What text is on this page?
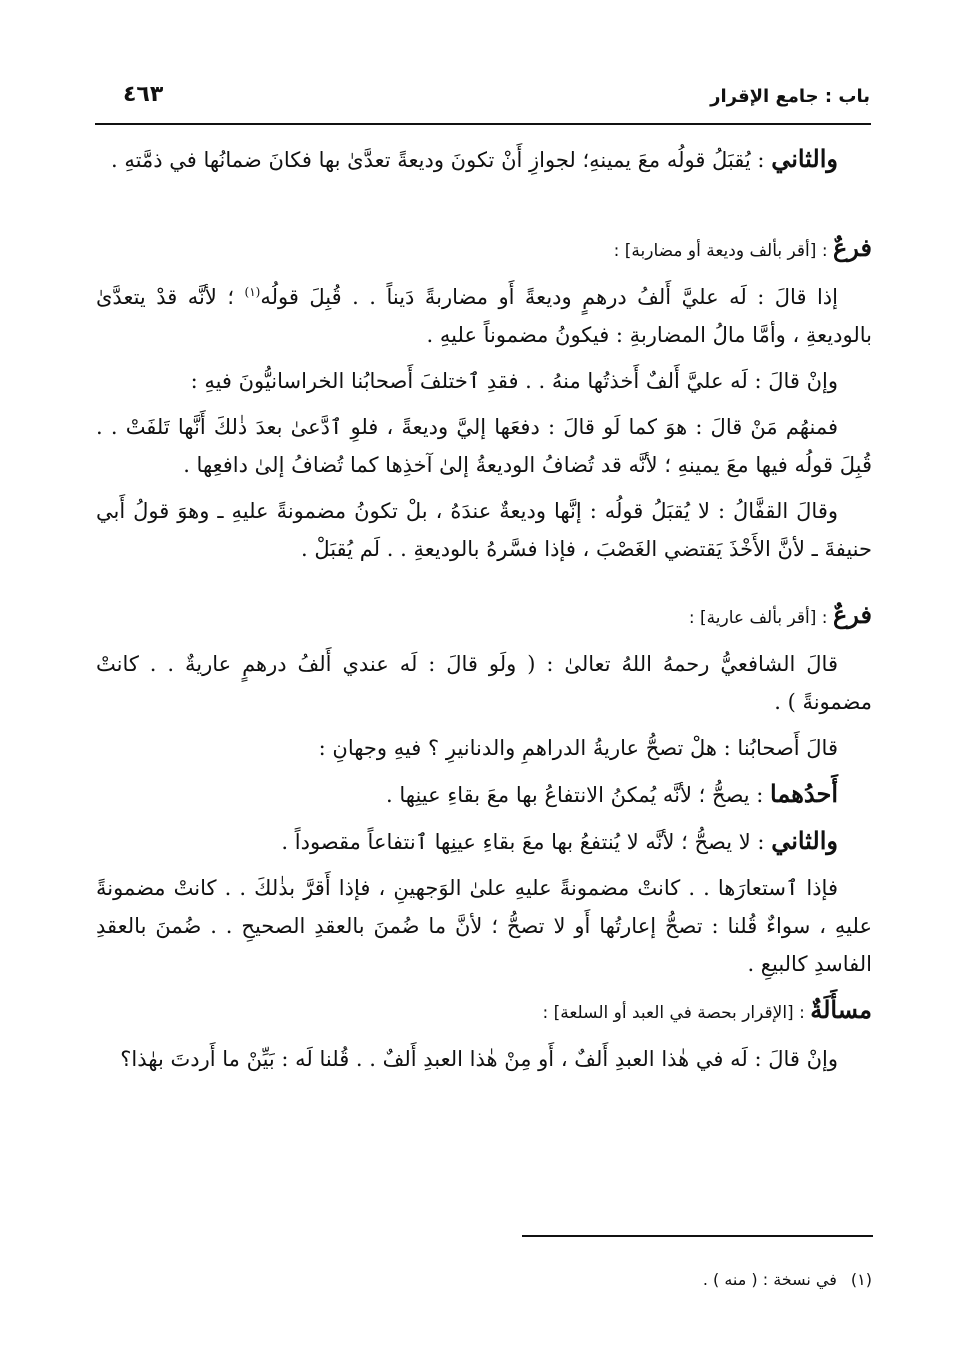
باب : جامع الإقرار
٤٦٣

والثاني : يُقبَلُ قولُه معَ يمينهِ؛ لجوازِ أَنْ تكونَ وديعةً تعدَّىٰ بها فكانَ ضمانُها في ذمَّتهِ .

فرعٌ : [أقر بألف وديعة أو مضاربة] :

إذا قالَ : لَه عليَّ أَلفُ درهمٍ وديعةً أَو مضاربةً دَيناً . . قُبِلَ قولُه$^{(١)}$ ؛ لأنَّه قدْ يتعدَّىٰ بالوديعةِ ، وأمَّا مالُ المضاربةِ : فيكونُ مضموناً عليهِ .

وإنْ قالَ : لَه عليَّ أَلفٌ أَخذتُها منهُ . . فقدِ ٱختلفَ أَصحابُنا الخراسانيُّونَ فيهِ :

فمنهُم مَنْ قالَ : هوَ كما لَو قالَ : دفعَها إليَّ وديعةً ، فلوِ ٱدَّعىٰ بعدَ ذٰلكَ أَنَّها تَلفَتْ . . قُبِلَ قولُه فيها معَ يمينهِ ؛ لأنَّه قد تُضافُ الوديعةُ إلىٰ آخذِها كما تُضافُ إلىٰ دافعِها .

وقالَ القفَّالُ : لا يُقبَلُ قولُه : إنَّها وديعةٌ عندَهُ ، بلْ تكونُ مضمونةً عليهِ ـ وهوَ قولُ أَبي حنيفةَ ـ لأنَّ الأَخْذَ يَقتضي الغَصْبَ ، فإذا فسَّرهُ بالوديعةِ . . لَم يُقبَلْ .

فرعٌ : [أقر بألف عارية] :

قالَ الشافعيُّ رحمهُ اللهُ تعالىٰ : ( ولَو قالَ : لَه عندي أَلفُ درهمٍ عاريةٌ . . كانتْ مضمونةً ) .

قالَ أَصحابُنا : هلْ تصحُّ عاريةُ الدراهمِ والدنانيرِ ؟ فيهِ وجهانِ :

أَحدُهما : يصحُّ ؛ لأنَّه يُمكنُ الانتفاعُ بها معَ بقاءِ عينِها .

والثاني : لا يصحُّ ؛ لأنَّه لا يُنتفعُ بها معَ بقاءِ عينِها ٱنتفاعاً مقصوداً .

فإذا ٱستعارَها . . كانتْ مضمونةً عليهِ علىٰ الوَجهينِ ، فإذا أَقرَّ بذٰلكَ . . كانتْ مضمونةً عليهِ ، سواءٌ قُلنا : تصحُّ إعارتُها أَو لا تصحُّ ؛ لأنَّ ما ضُمنَ بالعقدِ الصحيحِ . . ضُمنَ بالعقدِ الفاسدِ كالبيعِ .

مسأَلَةٌ : [الإقرار بحصة في العبد أو السلعة] :

وإنْ قالَ : لَه في هٰذا العبدِ أَلفٌ ، أَو مِنْ هٰذا العبدِ أَلفٌ . . قُلنا لَه : بَيِّنْ ما أَردتَ بهٰذا؟

(١)في نسخة : ( منه ) .
